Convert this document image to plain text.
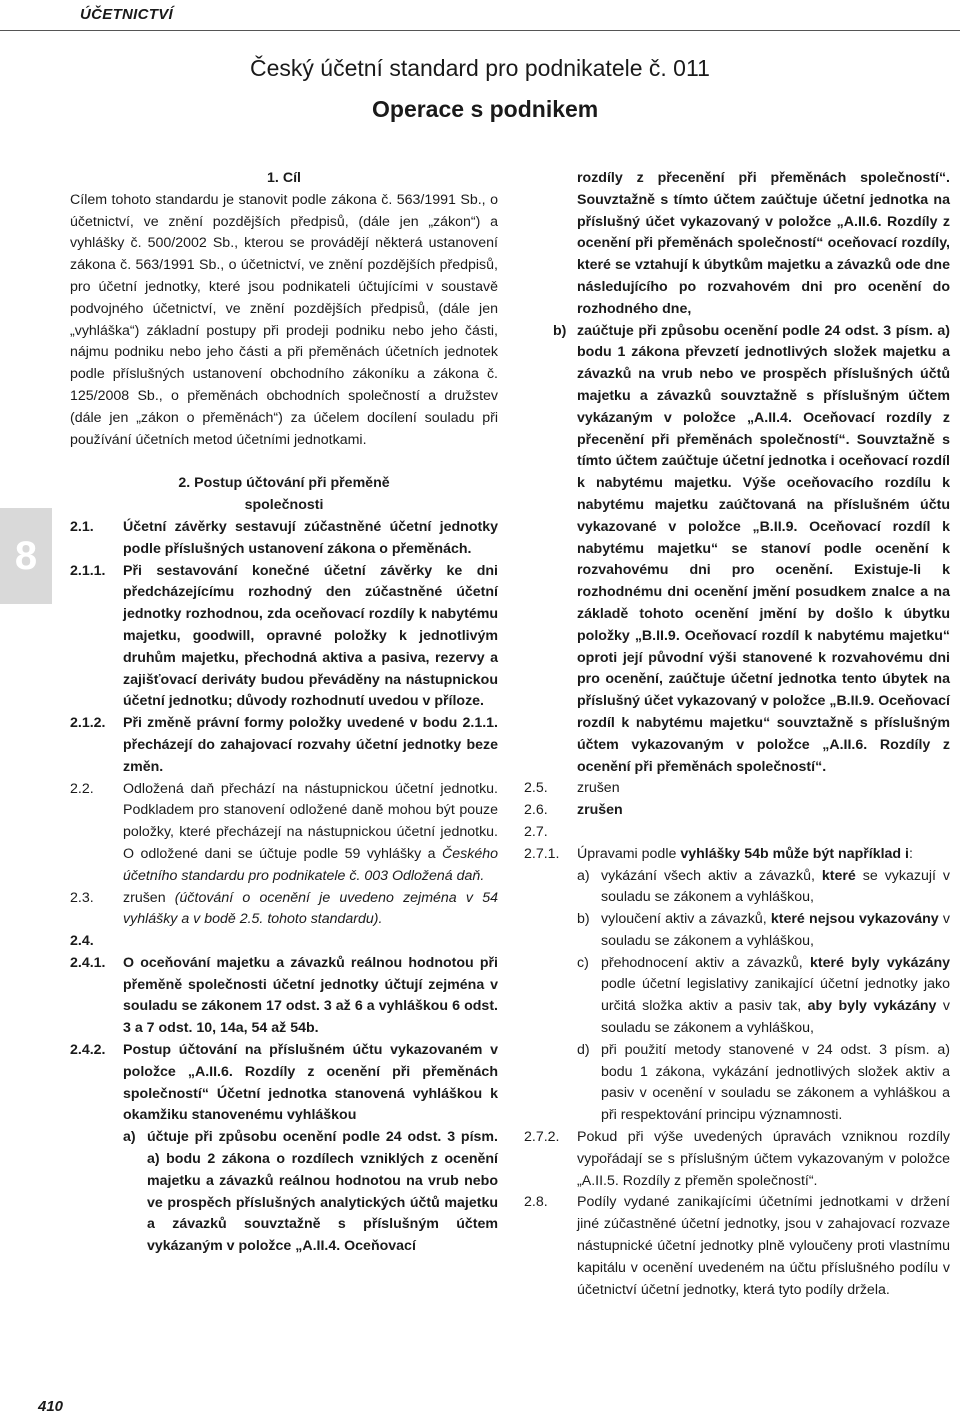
ÚČETNICTVÍ
8
Český účetní standard pro podnikatele č. 011
Operace s podnikem

1. Cíl

Cílem tohoto standardu je stanovit podle zákona č. 563/1991 Sb., o účetnictví, ve znění pozdějších předpisů, (dále jen „zákon“) a vyhlášky č. 500/2002 Sb., kterou se provádějí některá ustanovení zákona č. 563/1991 Sb., o účetnictví, ve znění pozdějších předpisů, pro účetní jednotky, které jsou podnikateli účtujícími v soustavě podvojného účetnictví, ve znění pozdějších předpisů, (dále jen „vyhláška“) základní postupy při prodeji podniku nebo jeho části, nájmu podniku nebo jeho části a při přeměnách účetních jednotek podle příslušných ustanovení obchodního zákoníku a zákona č. 125/2008 Sb., o přeměnách obchodních společností a družstev (dále jen „zákon o přeměnách“) za účelem docílení souladu při používání účetních metod účetními jednotkami.

2. Postup účtování při přeměně

společnosti

2.1.	Účetní závěrky sestavují zúčastněné účetní jednotky podle příslušných ustanovení zákona o přeměnách.
2.1.1.	Při sestavování konečné účetní závěrky ke dni předcházejícímu rozhodný den zúčastněné účetní jednotky rozhodnou, zda oceňovací rozdíly k nabytému majetku, goodwill, opravné položky k jednotlivým druhům majetku, přechodná aktiva a pasiva, rezervy a zajišťovací deriváty budou převáděny na nástupnickou účetní jednotku; důvody rozhodnutí uvedou v příloze.
2.1.2.	Při změně právní formy položky uvedené v bodu 2.1.1. přecházejí do zahajovací rozvahy účetní jednotky beze změn.
2.2.	Odložená daň přechází na nástupnickou účetní jednotku. Podkladem pro stanovení odložené daně mohou být pouze položky, které přecházejí na nástupnickou účetní jednotku. O odložené dani se účtuje podle 59 vyhlášky a Českého účetního standardu pro podnikatele č. 003 Odložená daň.
2.3.	zrušen (účtování o ocenění je uvedeno zejména v 54 vyhlášky a v bodě 2.5. tohoto standardu).
2.4.
2.4.1.	O oceňování majetku a závazků reálnou hodnotou při přeměně společnosti účetní jednotky účtují zejména v souladu se zákonem 17 odst. 3 až 6 a vyhláškou 6 odst. 3 a 7 odst. 10, 14a, 54 až 54b.
2.4.2.	Postup účtování na příslušném účtu vykazovaném v položce „A.II.6. Rozdíly z ocenění při přeměnách společností“ Účetní jednotka stanovená vyhláškou k okamžiku stanovenému vyhláškou
a) účtuje při způsobu ocenění podle 24 odst. 3 písm. a) bodu 2 zákona o rozdílech vzniklých z ocenění majetku a závazků reálnou hodnotou na vrub nebo ve prospěch příslušných analytických účtů majetku a závazků souvztažně s příslušným účtem vykázaným v položce „A.II.4. Oceňovací
rozdíly z přecenění při přeměnách společností“. Souvztažně s tímto účtem zaúčtuje účetní jednotka na příslušný účet vykazovaný v položce „A.II.6. Rozdíly z ocenění při přeměnách společností“ oceňovací rozdíly, které se vztahují k úbytkům majetku a závazků ode dne následujícího po rozvahovém dni pro ocenění do rozhodného dne,
b) zaúčtuje při způsobu ocenění podle 24 odst. 3 písm. a) bodu 1 zákona převzetí jednotlivých složek majetku a závazků na vrub nebo ve prospěch příslušných účtů majetku a závazků souvztažně s příslušným účtem vykázaným v položce „A.II.4. Oceňovací rozdíly z přecenění při přeměnách společností“. Souvztažně s tímto účtem zaúčtuje účetní jednotka i oceňovací rozdíl k nabytému majetku. Výše oceňovacího rozdílu k nabytému majetku zaúčtovaná na příslušném účtu vykazované v položce „B.II.9. Oceňovací rozdíl k nabytému majetku“ se stanoví podle ocenění k rozvahovému dni pro ocenění. Existuje-li k rozhodnému dni ocenění jmění posudkem znalce a na základě tohoto ocenění jmění by došlo k úbytku položky „B.II.9. Oceňovací rozdíl k nabytému majetku“ oproti její původní výši stanovené k rozvahovému dni pro ocenění, zaúčtuje účetní jednotka tento úbytek na příslušný účet vykazovaný v položce „B.II.9. Oceňovací rozdíl k nabytému majetku“ souvztažně s příslušným účtem vykazovaným v položce „A.II.6. Rozdíly z ocenění při přeměnách společností“.
2.5.	zrušen
2.6.	zrušen
2.7.
2.7.1.	Úpravami podle vyhlášky 54b může být například i:
a) vykázání všech aktiv a závazků, které se vykazují v souladu se zákonem a vyhláškou,
b) vyloučení aktiv a závazků, které nejsou vykazovány v souladu se zákonem a vyhláškou,
c) přehodnocení aktiv a závazků, které byly vykázány podle účetní legislativy zanikající účetní jednotky jako určitá složka aktiv a pasiv tak, aby byly vykázány v souladu se zákonem a vyhláškou,
d) při použití metody stanovené v 24 odst. 3 písm. a) bodu 1 zákona, vykázání jednotlivých složek aktiv a pasiv v ocenění v souladu se zákonem a vyhláškou a při respektování principu významnosti.
2.7.2.	Pokud při výše uvedených úpravách vzniknou rozdíly vypořádají se s příslušným účtem vykazovaným v položce „A.II.5. Rozdíly z přeměn společností“.
2.8.	Podíly vydané zanikajícími účetními jednotkami v držení jiné zúčastněné účetní jednotky, jsou v zahajovací rozvaze nástupnické účetní jednotky plně vyloučeny proti vlastnímu kapitálu v ocenění uvedeném na účtu příslušného podílu v účetnictví účetní jednotky, která tyto podíly držela.
410
